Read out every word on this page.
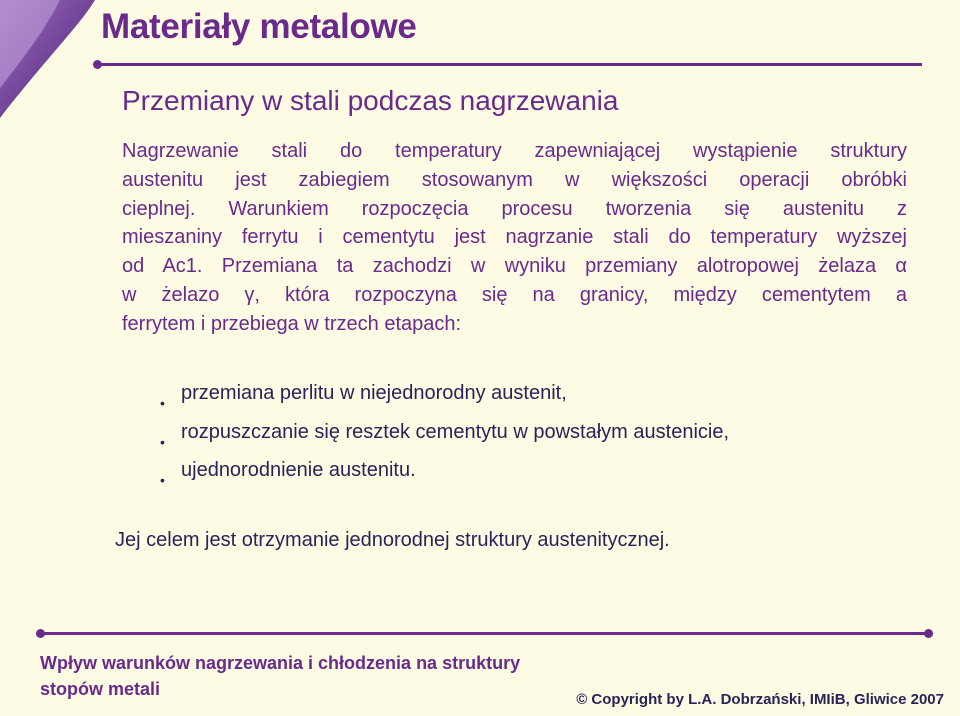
Materiały metalowe
Przemiany w stali podczas nagrzewania
Nagrzewanie stali do temperatury zapewniającej wystąpienie struktury
austenitu jest zabiegiem stosowanym w większości operacji obróbki
cieplnej. Warunkiem rozpoczęcia procesu tworzenia się austenitu z
mieszaniny ferrytu i cementytu jest nagrzanie stali do temperatury wyższej
od Ac1. Przemiana ta zachodzi w wyniku przemiany alotropowej żelaza α
w żelazo γ, która rozpoczyna się na granicy, między cementytem a
ferrytem i przebiega w trzech etapach:
• przemiana perlitu w niejednorodny austenit,
• rozpuszczanie się resztek cementytu w powstałym austenicie,
• ujednorodnienie austenitu.
Jej celem jest otrzymanie jednorodnej struktury austenitycznej.
Wpływ warunków nagrzewania i chłodzenia na struktury
stopów metali
© Copyright by L.A. Dobrzański, IMIiB, Gliwice 2007
